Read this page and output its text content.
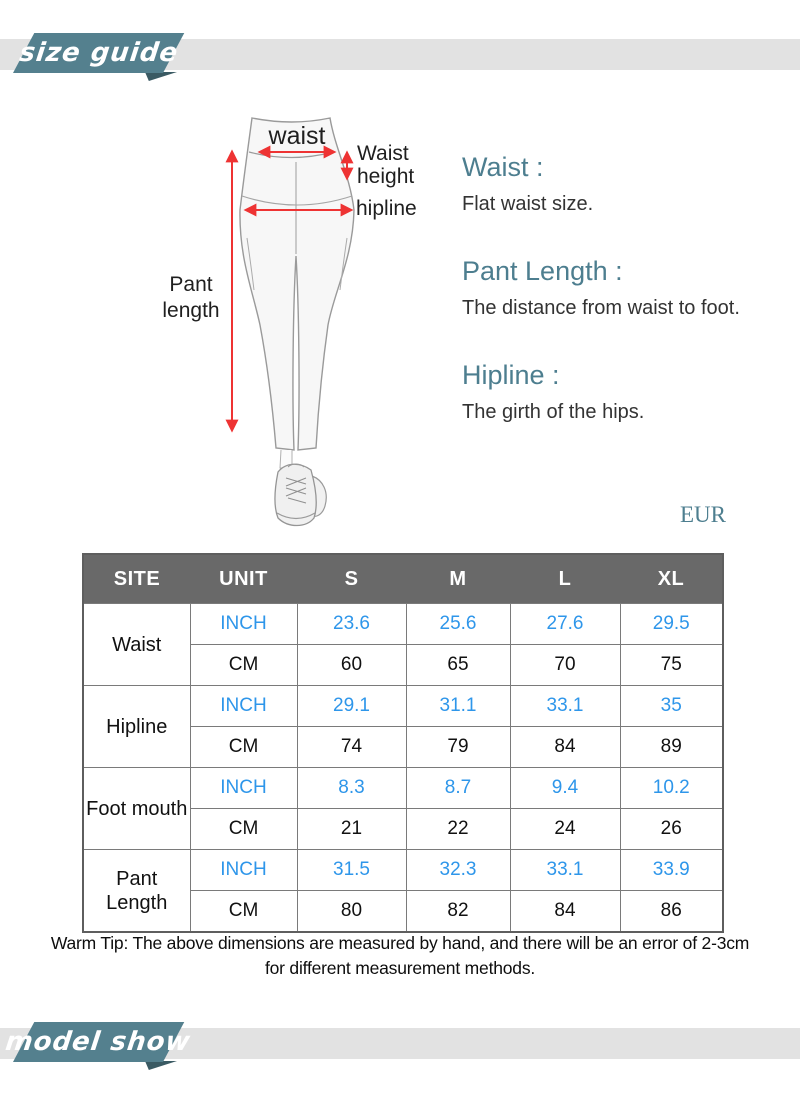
size guide
waist
Waist height
hipline
Pant length

Waist :

Flat waist size.

Pant Length :

The distance from waist to foot.

Hipline :

The girth of the hips.

EUR
SITE	UNIT	S	M	L	XL
Waist	INCH	23.6	25.6	27.6	29.5
	CM	60	65	70	75
Hipline	INCH	29.1	31.1	33.1	35
	CM	74	79	84	89
Foot mouth	INCH	8.3	8.7	9.4	10.2
	CM	21	22	24	26
Pant Length	INCH	31.5	32.3	33.1	33.9
	CM	80	82	84	86
Warm Tip: The above dimensions are measured by hand, and there will be an error of 2-3cm
for different measurement methods.
model show
